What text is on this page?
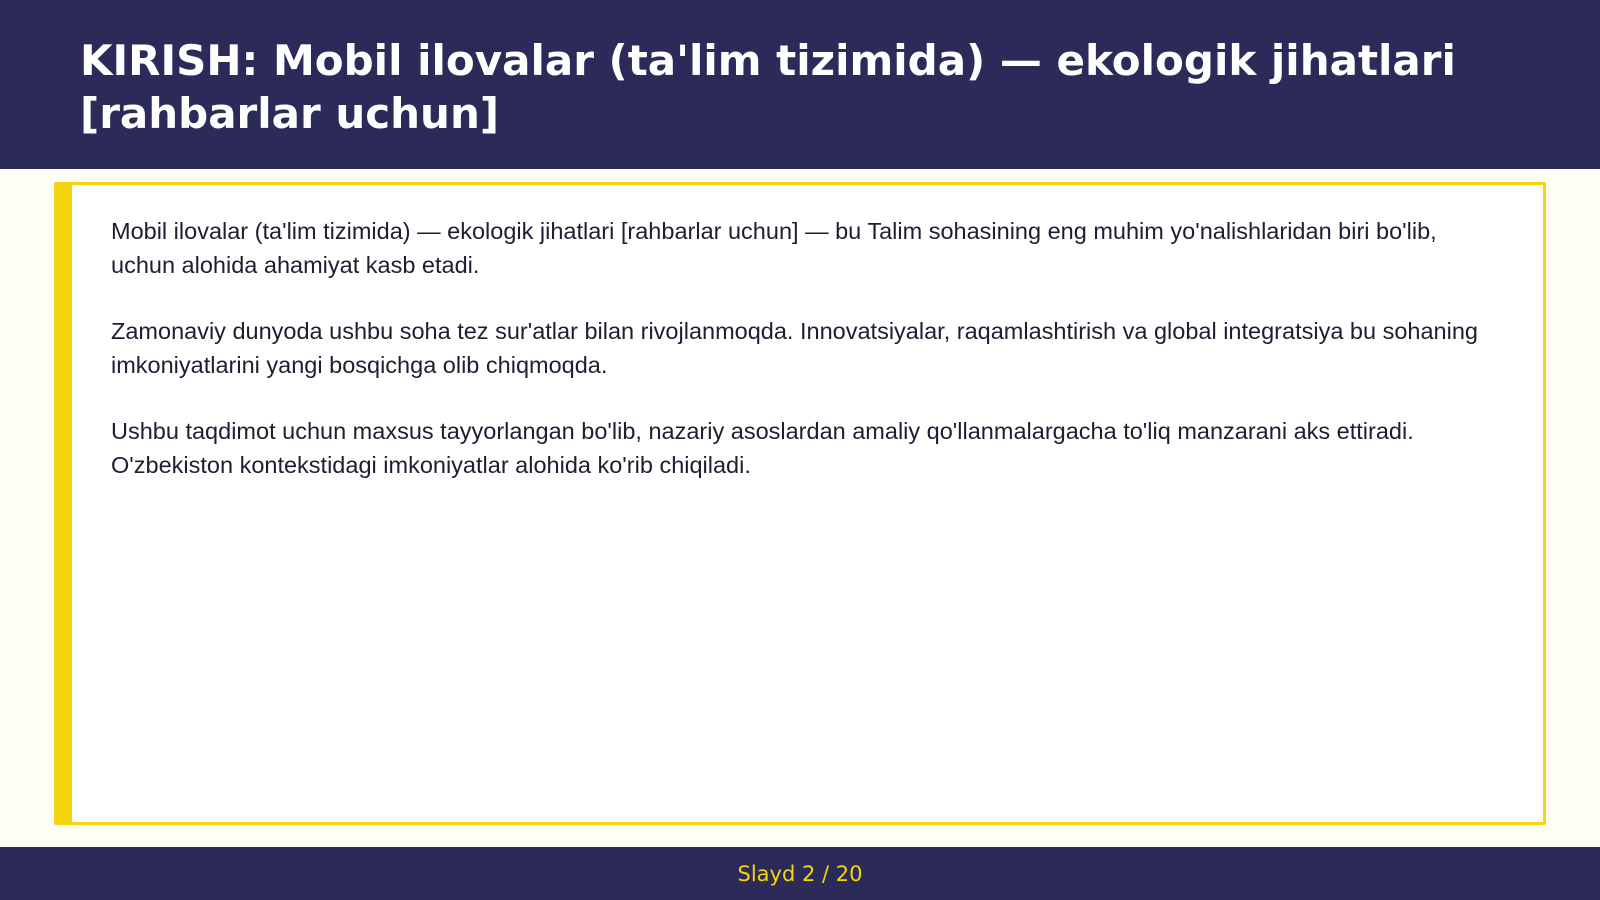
KIRISH: Mobil ilovalar (ta'lim tizimida) — ekologik jihatlari [rahbarlar uchun]

Mobil ilovalar (ta'lim tizimida) — ekologik jihatlari [rahbarlar uchun] — bu Talim sohasining eng muhim yo'nalishlaridan biri bo'lib, uchun alohida ahamiyat kasb etadi.

Zamonaviy dunyoda ushbu soha tez sur'atlar bilan rivojlanmoqda. Innovatsiyalar, raqamlashtirish va global integratsiya bu sohaning imkoniyatlarini yangi bosqichga olib chiqmoqda.

Ushbu taqdimot uchun maxsus tayyorlangan bo'lib, nazariy asoslardan amaliy qo'llanmalargacha to'liq manzarani aks ettiradi. O'zbekiston kontekstidagi imkoniyatlar alohida ko'rib chiqiladi.

Slayd 2 / 20
